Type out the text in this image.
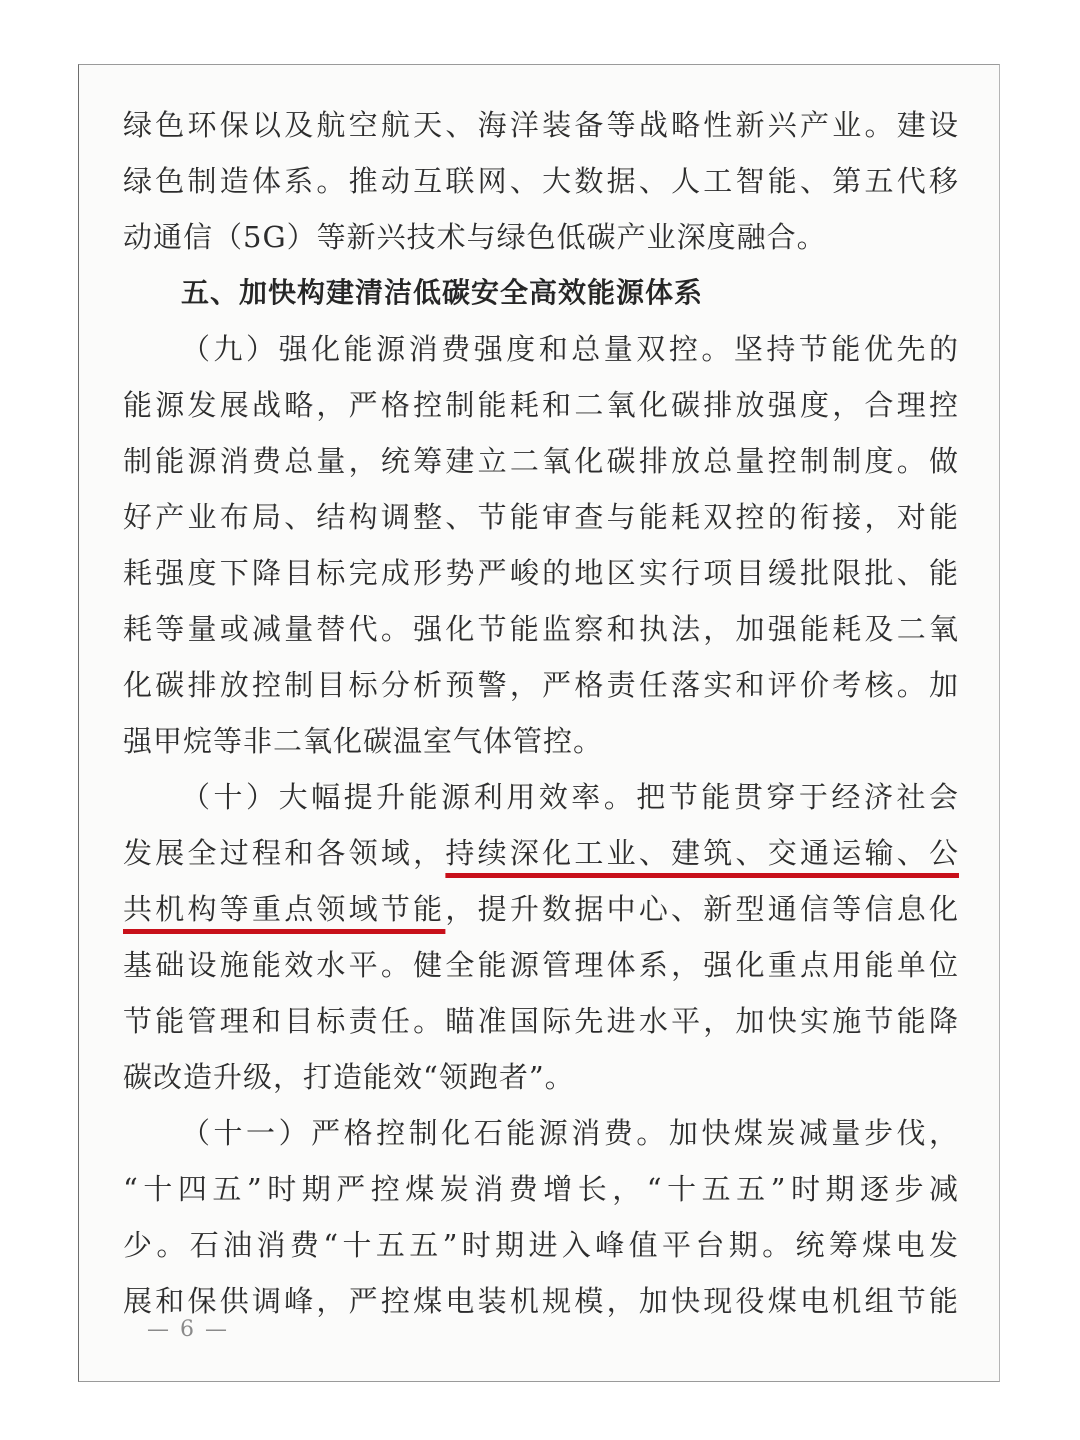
绿色环保以及航空航天、海洋装备等战略性新兴产业。建设
绿色制造体系。推动互联网、大数据、人工智能、第五代移
动通信（5G）等新兴技术与绿色低碳产业深度融合。
五、加快构建清洁低碳安全高效能源体系
（九）强化能源消费强度和总量双控。坚持节能优先的
能源发展战略，严格控制能耗和二氧化碳排放强度，合理控
制能源消费总量，统筹建立二氧化碳排放总量控制制度。做
好产业布局、结构调整、节能审查与能耗双控的衔接，对能
耗强度下降目标完成形势严峻的地区实行项目缓批限批、能
耗等量或减量替代。强化节能监察和执法，加强能耗及二氧
化碳排放控制目标分析预警，严格责任落实和评价考核。加
强甲烷等非二氧化碳温室气体管控。
（十）大幅提升能源利用效率。把节能贯穿于经济社会
发展全过程和各领域，持续深化工业、建筑、交通运输、公
共机构等重点领域节能，提升数据中心、新型通信等信息化
基础设施能效水平。健全能源管理体系，强化重点用能单位
节能管理和目标责任。瞄准国际先进水平，加快实施节能降
碳改造升级，打造能效“领跑者”。
（十一）严格控制化石能源消费。加快煤炭减量步伐，
“十四五”时期严控煤炭消费增长，“十五五”时期逐步减
少。石油消费“十五五”时期进入峰值平台期。统筹煤电发
展和保供调峰，严控煤电装机规模，加快现役煤电机组节能
— 6 —
